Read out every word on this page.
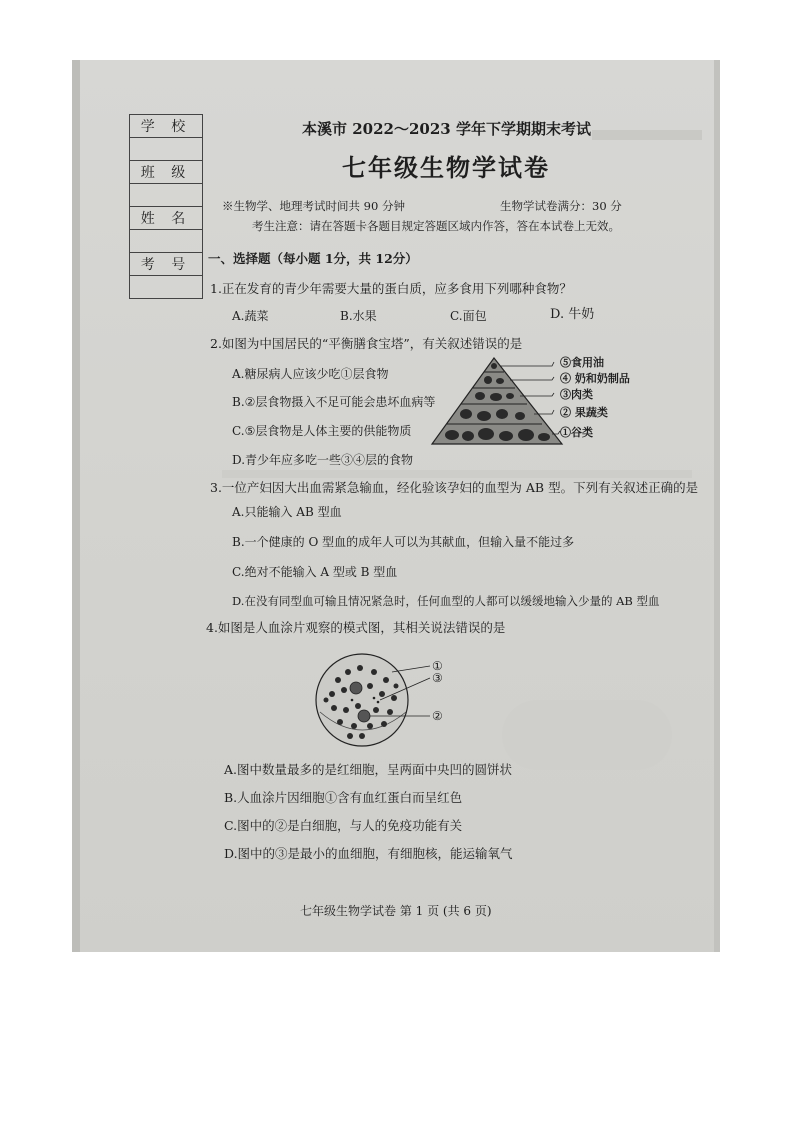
学 校

班 级

姓 名

考 号

本溪市 2022～2023 学年下学期期末考试
七年级生物学试卷
※生物学、地理考试时间共 90 分钟	生物学试卷满分：30 分
考生注意：请在答题卡各题目规定答题区域内作答，答在本试卷上无效。
一、选择题（每小题 1分，共 12分）
1.正在发育的青少年需要大量的蛋白质，应多食用下列哪种食物？
A.蔬菜	B.水果	C.面包	D. 牛奶
2.如图为中国居民的“平衡膳食宝塔”，有关叙述错误的是
A.糖尿病人应该少吃①层食物
B.②层食物摄入不足可能会患坏血病等
C.⑤层食物是人体主要的供能物质
D.青少年应多吃一些③④层的食物
⑤食用油
④ 奶和奶制品
③肉类
② 果蔬类
①谷类
3.一位产妇因大出血需紧急输血，经化验该孕妇的血型为 AB 型。下列有关叙述正确的是
A.只能输入 AB 型血
B.一个健康的 O 型血的成年人可以为其献血，但输入量不能过多
C.绝对不能输入 A 型或 B 型血
D.在没有同型血可输且情况紧急时，任何血型的人都可以缓缓地输入少量的 AB 型血
4.如图是人血涂片观察的模式图，其相关说法错误的是
①
③
②
A.图中数量最多的是红细胞，呈两面中央凹的圆饼状
B.人血涂片因细胞①含有血红蛋白而呈红色
C.图中的②是白细胞，与人的免疫功能有关
D.图中的③是最小的血细胞，有细胞核，能运输氧气
七年级生物学试卷 第 1 页 (共 6 页)
